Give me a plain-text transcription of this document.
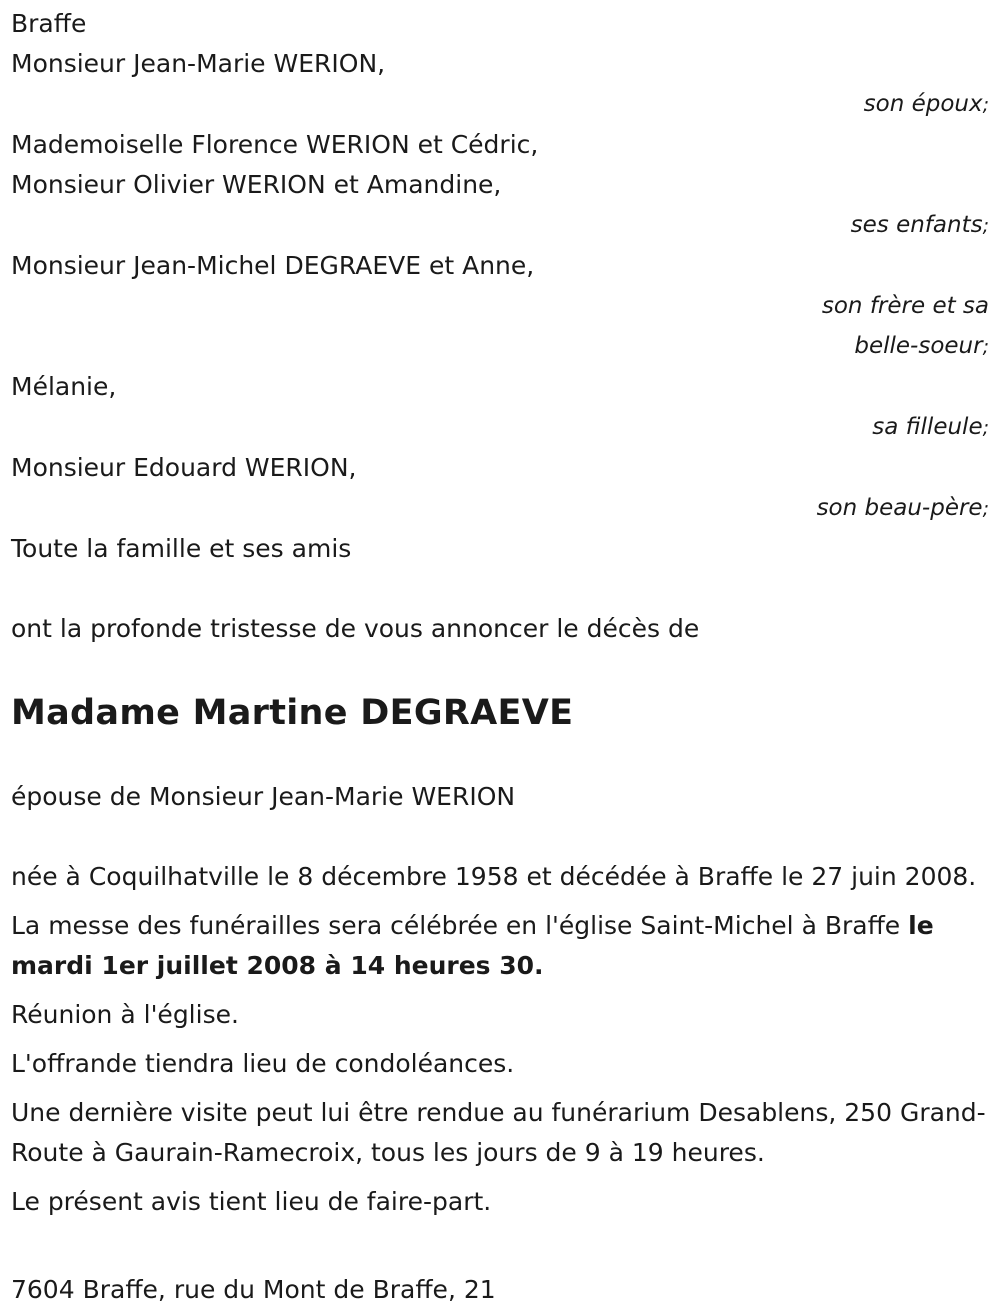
Braffe
Monsieur Jean-Marie WERION,
son époux;
Mademoiselle Florence WERION et Cédric,
Monsieur Olivier WERION et Amandine,
ses enfants;
Monsieur Jean-Michel DEGRAEVE et Anne,
son frère et sa
belle-soeur;
Mélanie,
sa filleule;
Monsieur Edouard WERION,
son beau-père;
Toute la famille et ses amis
ont la profonde tristesse de vous annoncer le décès de
Madame Martine DEGRAEVE
épouse de Monsieur Jean-Marie WERION
née à Coquilhatville le 8 décembre 1958 et décédée à Braffe le 27 juin 2008.
La messe des funérailles sera célébrée en l'église Saint-Michel à Braffe le mardi 1er juillet 2008 à 14 heures 30.
Réunion à l'église.
L'offrande tiendra lieu de condoléances.
Une dernière visite peut lui être rendue au funérarium Desablens, 250 Grand-Route à Gaurain-Ramecroix, tous les jours de 9 à 19 heures.
Le présent avis tient lieu de faire-part.
7604 Braffe, rue du Mont de Braffe, 21
